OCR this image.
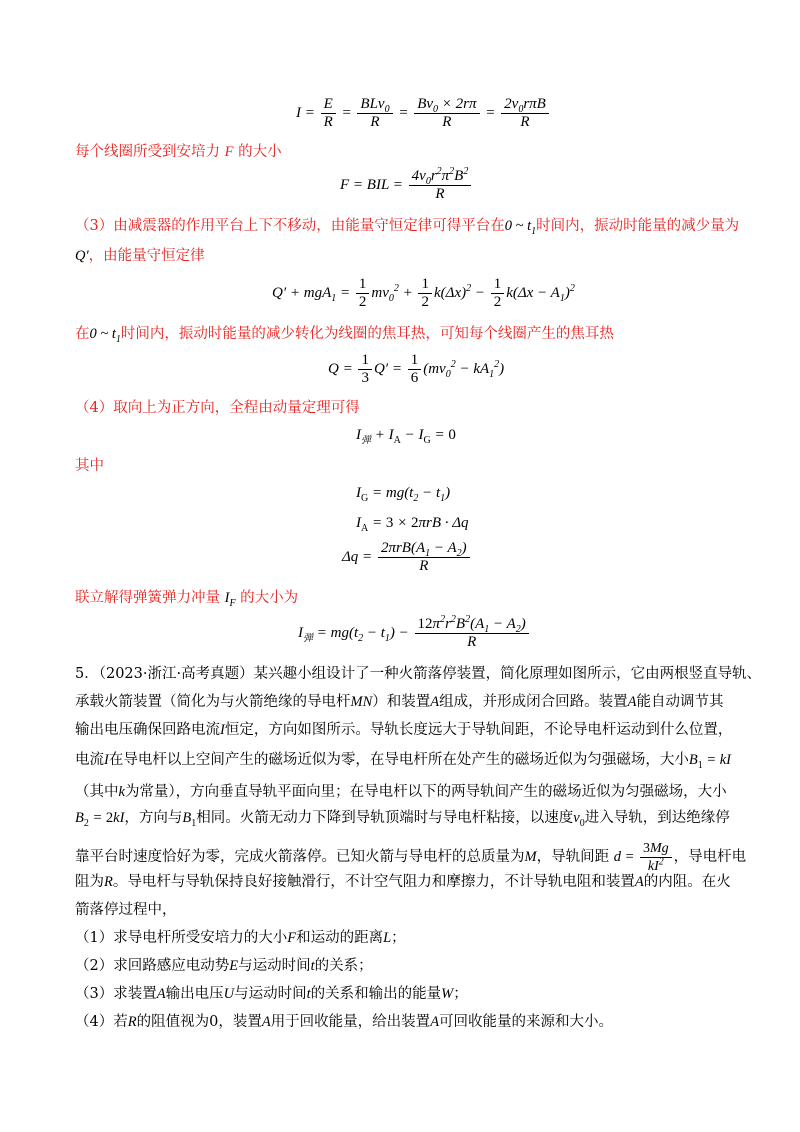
$I = \frac{E}{R} = \frac{BLv_0}{R} = \frac{Bv_0 \times 2r\pi}{R} = \frac{2v_0r\pi B}{R}$
每个线圈所受到安培力 F 的大小
F = BIL = $\frac{4v_0r^2\pi^2B^2}{R}$
（3）由减震器的作用平台上下不移动，由能量守恒定律可得平台在0 ~ $t_1$时间内，振动时能量的减少量为
Q′，由能量守恒定律
$Q' + mgA_1 = \frac{1}{2} mv_0^2 + \frac{1}{2} k(\Delta x)^2 - \frac{1}{2} k(\Delta x - A_1)^2$
在0 ~ $t_1$时间内，振动时能量的减少转化为线圈的焦耳热，可知每个线圈产生的焦耳热
$Q = \frac{1}{3} Q' = \frac{1}{6} (mv_0^2 - kA_1^2)$
（4）取向上为正方向，全程由动量定理可得
$I_弹 + I_A - I_G = 0$
其中
$I_G = mg(t_2 - t_1)$
$I_A = 3 \times 2\pi rB \cdot \Delta q$
$\Delta q = \frac{2\pi rB(A_1 - A_2)}{R}$
联立解得弹簧弹力冲量 $I_F$ 的大小为
$I_弹 = mg(t_2 - t_1) - \frac{12\pi^2r^2B^2(A_1 - A_2)}{R}$
5．（2023·浙江·高考真题）某兴趣小组设计了一种火箭落停装置，简化原理如图所示，它由两根竖直导轨、
承载火箭装置（简化为与火箭绝缘的导电杆MN）和装置A组成，并形成闭合回路。装置A能自动调节其
输出电压确保回路电流I恒定，方向如图所示。导轨长度远大于导轨间距，不论导电杆运动到什么位置，
电流I在导电杆以上空间产生的磁场近似为零，在导电杆所在处产生的磁场近似为匀强磁场，大小$B_1$ = kI
（其中k为常量），方向垂直导轨平面向里；在导电杆以下的两导轨间产生的磁场近似为匀强磁场，大小
$B_2 = 2kI$，方向与$B_1$相同。火箭无动力下降到导轨顶端时与导电杆粘接，以速度$v_0$进入导轨，到达绝缘停
靠平台时速度恰好为零，完成火箭落停。已知火箭与导电杆的总质量为M，导轨间距 $d = \frac{3Mg}{kI^2}$ ，导电杆电
阻为R。导电杆与导轨保持良好接触滑行，不计空气阻力和摩擦力，不计导轨电阻和装置A的内阻。在火
箭落停过程中，
（1）求导电杆所受安培力的大小F和运动的距离L；
（2）求回路感应电动势E与运动时间t的关系；
（3）求装置A输出电压U与运动时间t的关系和输出的能量W；
（4）若R的阻值视为0，装置A用于回收能量，给出装置A可回收能量的来源和大小。
